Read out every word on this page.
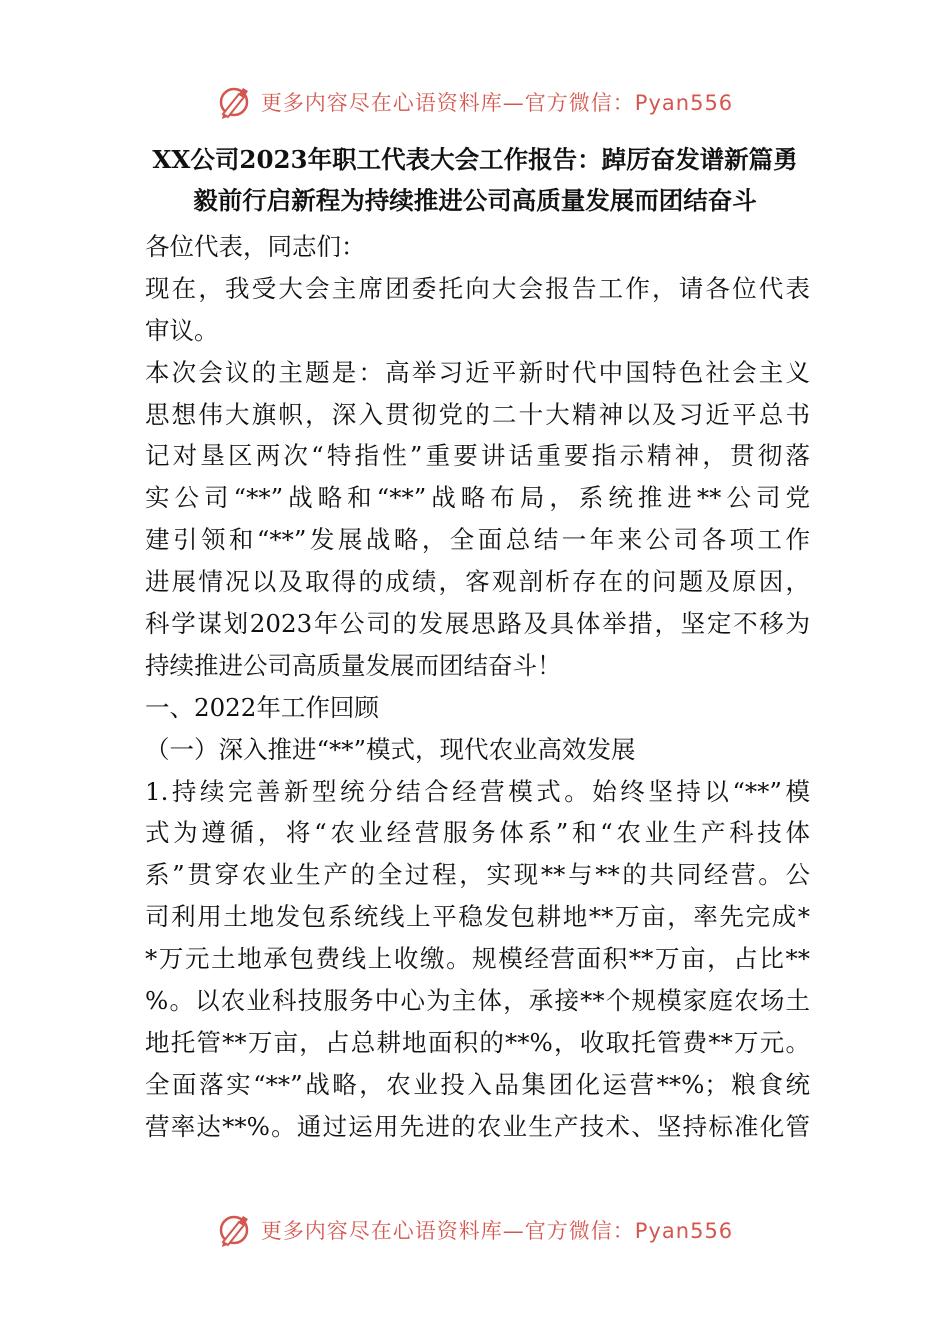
更多内容尽在心语资料库—官方微信：Pyan556
XX公司2023年职工代表大会工作报告：踔厉奋发谱新篇勇
毅前行启新程为持续推进公司高质量发展而团结奋斗
各位代表，同志们：
现在，我受大会主席团委托向大会报告工作，请各位代表
审议。
本次会议的主题是：高举习近平新时代中国特色社会主义
思想伟大旗帜，深入贯彻党的二十大精神以及习近平总书
记对垦区两次“特指性”重要讲话重要指示精神，贯彻落
实公司“**”战略和“**”战略布局，系统推进**公司党
建引领和“**”发展战略，全面总结一年来公司各项工作
进展情况以及取得的成绩，客观剖析存在的问题及原因，
科学谋划2023年公司的发展思路及具体举措，坚定不移为
持续推进公司高质量发展而团结奋斗！
一、2022年工作回顾
（一）深入推进“**”模式，现代农业高效发展
1.持续完善新型统分结合经营模式。始终坚持以“**”模
式为遵循，将“农业经营服务体系”和“农业生产科技体
系”贯穿农业生产的全过程，实现**与**的共同经营。公
司利用土地发包系统线上平稳发包耕地**万亩，率先完成*
*万元土地承包费线上收缴。规模经营面积**万亩，占比**
%。以农业科技服务中心为主体，承接**个规模家庭农场土
地托管**万亩，占总耕地面积的**%，收取托管费**万元。
全面落实“**”战略，农业投入品集团化运营**%；粮食统
营率达**%。通过运用先进的农业生产技术、坚持标准化管
更多内容尽在心语资料库—官方微信：Pyan556
